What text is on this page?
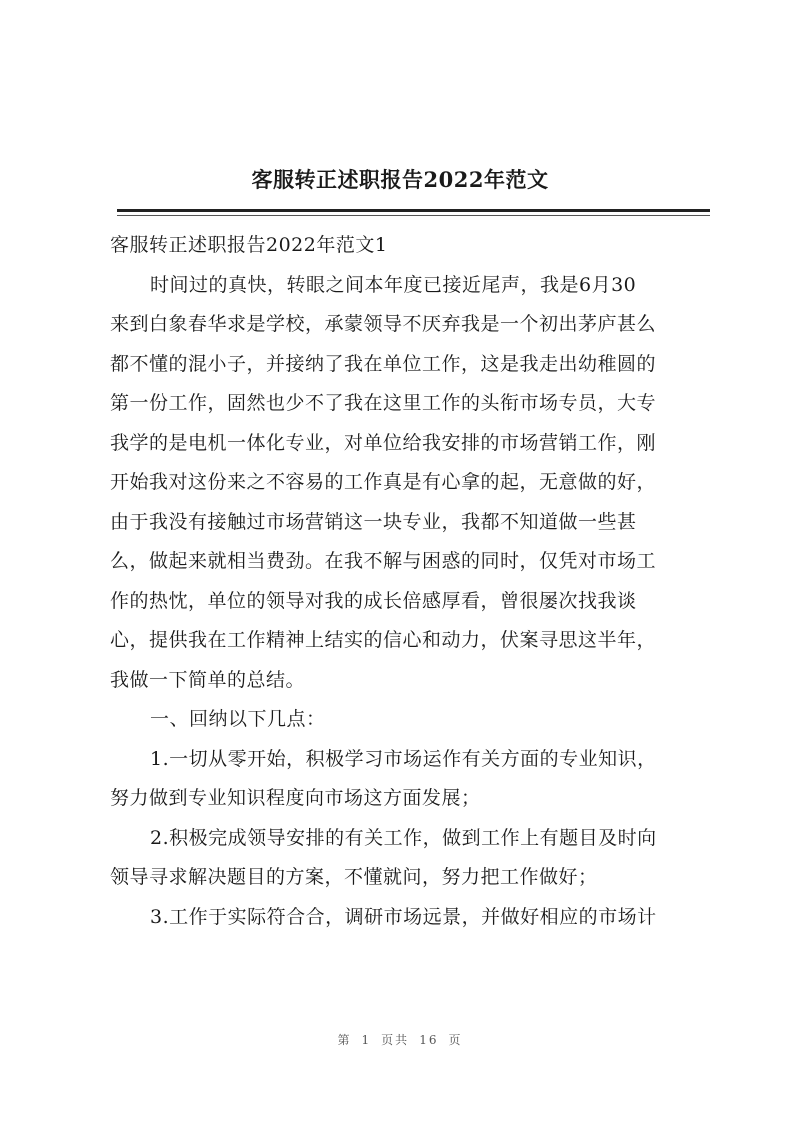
客服转正述职报告2022年范文
客服转正述职报告2022年范文1
时间过的真快，转眼之间本年度已接近尾声，我是6月30
来到白象春华求是学校，承蒙领导不厌弃我是一个初出茅庐甚么
都不懂的混小子，并接纳了我在单位工作，这是我走出幼稚圆的
第一份工作，固然也少不了我在这里工作的头衔市场专员，大专
我学的是电机一体化专业，对单位给我安排的市场营销工作，刚
开始我对这份来之不容易的工作真是有心拿的起，无意做的好，
由于我没有接触过市场营销这一块专业，我都不知道做一些甚
么，做起来就相当费劲。在我不解与困惑的同时，仅凭对市场工
作的热忱，单位的领导对我的成长倍感厚看，曾很屡次找我谈
心，提供我在工作精神上结实的信心和动力，伏案寻思这半年，
我做一下简单的总结。
一、回纳以下几点：
1.一切从零开始，积极学习市场运作有关方面的专业知识，
努力做到专业知识程度向市场这方面发展；
2.积极完成领导安排的有关工作，做到工作上有题目及时向
领导寻求解决题目的方案，不懂就问，努力把工作做好；
3.工作于实际符合合，调研市场远景，并做好相应的市场计
第 1 页共 16 页
